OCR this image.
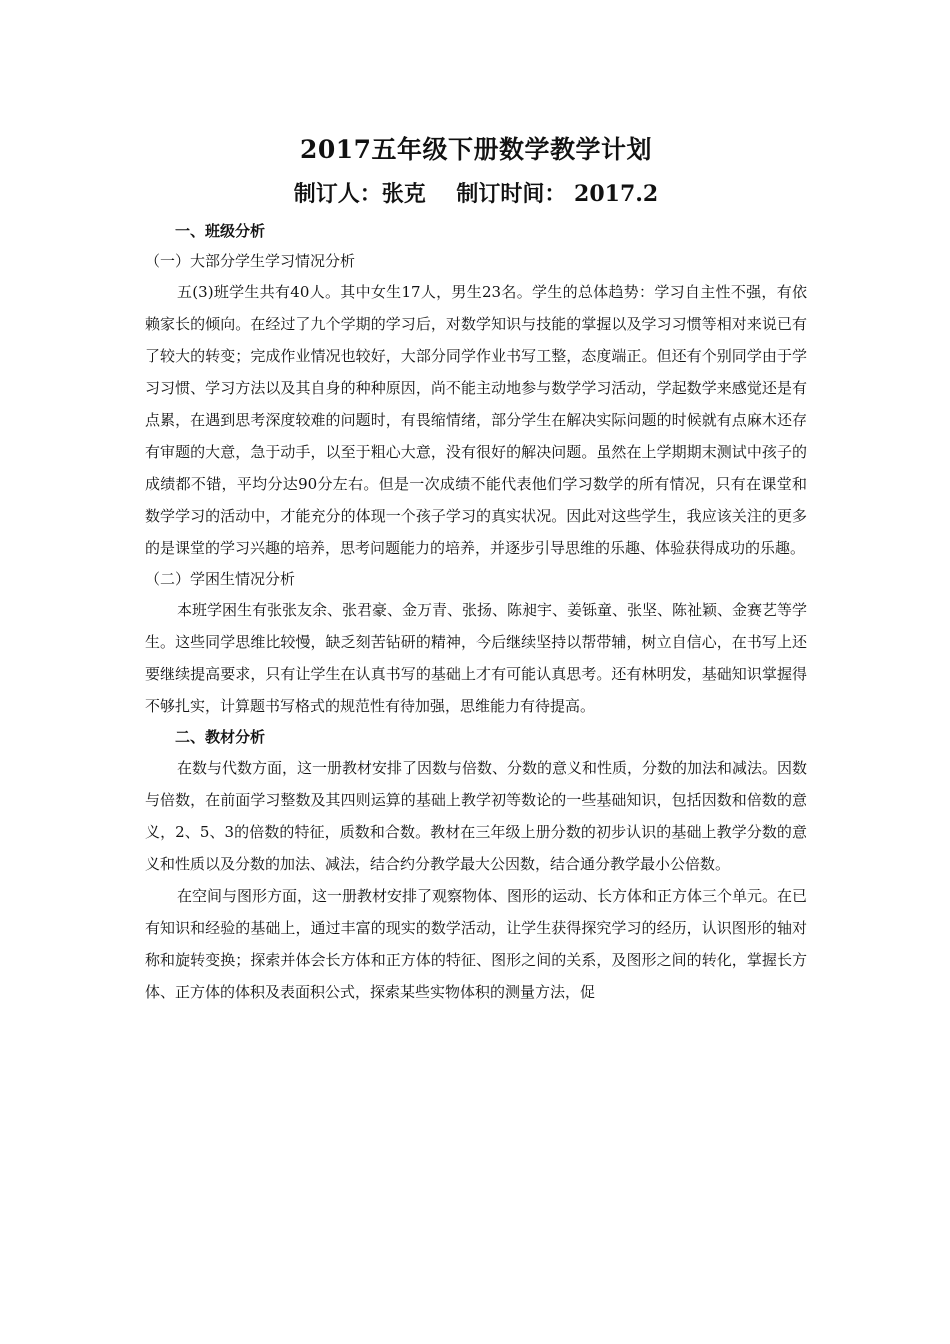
2017五年级下册数学教学计划
制订人：张克    制订时间： 2017.2
一、班级分析
（一）大部分学生学习情况分析

五(3)班学生共有40人。其中女生17人，男生23名。学生的总体趋势：学习自主性不强，有依赖家长的倾向。在经过了九个学期的学习后，对数学知识与技能的掌握以及学习习惯等相对来说已有了较大的转变；完成作业情况也较好，大部分同学作业书写工整，态度端正。但还有个别同学由于学习习惯、学习方法以及其自身的种种原因，尚不能主动地参与数学学习活动，学起数学来感觉还是有点累，在遇到思考深度较难的问题时，有畏缩情绪，部分学生在解决实际问题的时候就有点麻木还存有审题的大意，急于动手，以至于粗心大意，没有很好的解决问题。虽然在上学期期末测试中孩子的成绩都不错，平均分达90分左右。但是一次成绩不能代表他们学习数学的所有情况，只有在课堂和数学学习的活动中，才能充分的体现一个孩子学习的真实状况。因此对这些学生，我应该关注的更多的是课堂的学习兴趣的培养，思考问题能力的培养，并逐步引导思维的乐趣、体验获得成功的乐趣。

（二）学困生情况分析

本班学困生有张张友余、张君豪、金万青、张扬、陈昶宇、姜铄童、张坚、陈祉颖、金赛艺等学生。这些同学思维比较慢，缺乏刻苦钻研的精神，今后继续坚持以帮带辅，树立自信心，在书写上还要继续提高要求，只有让学生在认真书写的基础上才有可能认真思考。还有林明发，基础知识掌握得不够扎实，计算题书写格式的规范性有待加强，思维能力有待提高。

二、教材分析

在数与代数方面，这一册教材安排了因数与倍数、分数的意义和性质，分数的加法和减法。因数与倍数，在前面学习整数及其四则运算的基础上教学初等数论的一些基础知识，包括因数和倍数的意义，2、5、3的倍数的特征，质数和合数。教材在三年级上册分数的初步认识的基础上教学分数的意义和性质以及分数的加法、减法，结合约分教学最大公因数，结合通分教学最小公倍数。

在空间与图形方面，这一册教材安排了观察物体、图形的运动、长方体和正方体三个单元。在已有知识和经验的基础上，通过丰富的现实的数学活动，让学生获得探究学习的经历，认识图形的轴对称和旋转变换；探索并体会长方体和正方体的特征、图形之间的关系，及图形之间的转化，掌握长方体、正方体的体积及表面积公式，探索某些实物体积的测量方法，促
